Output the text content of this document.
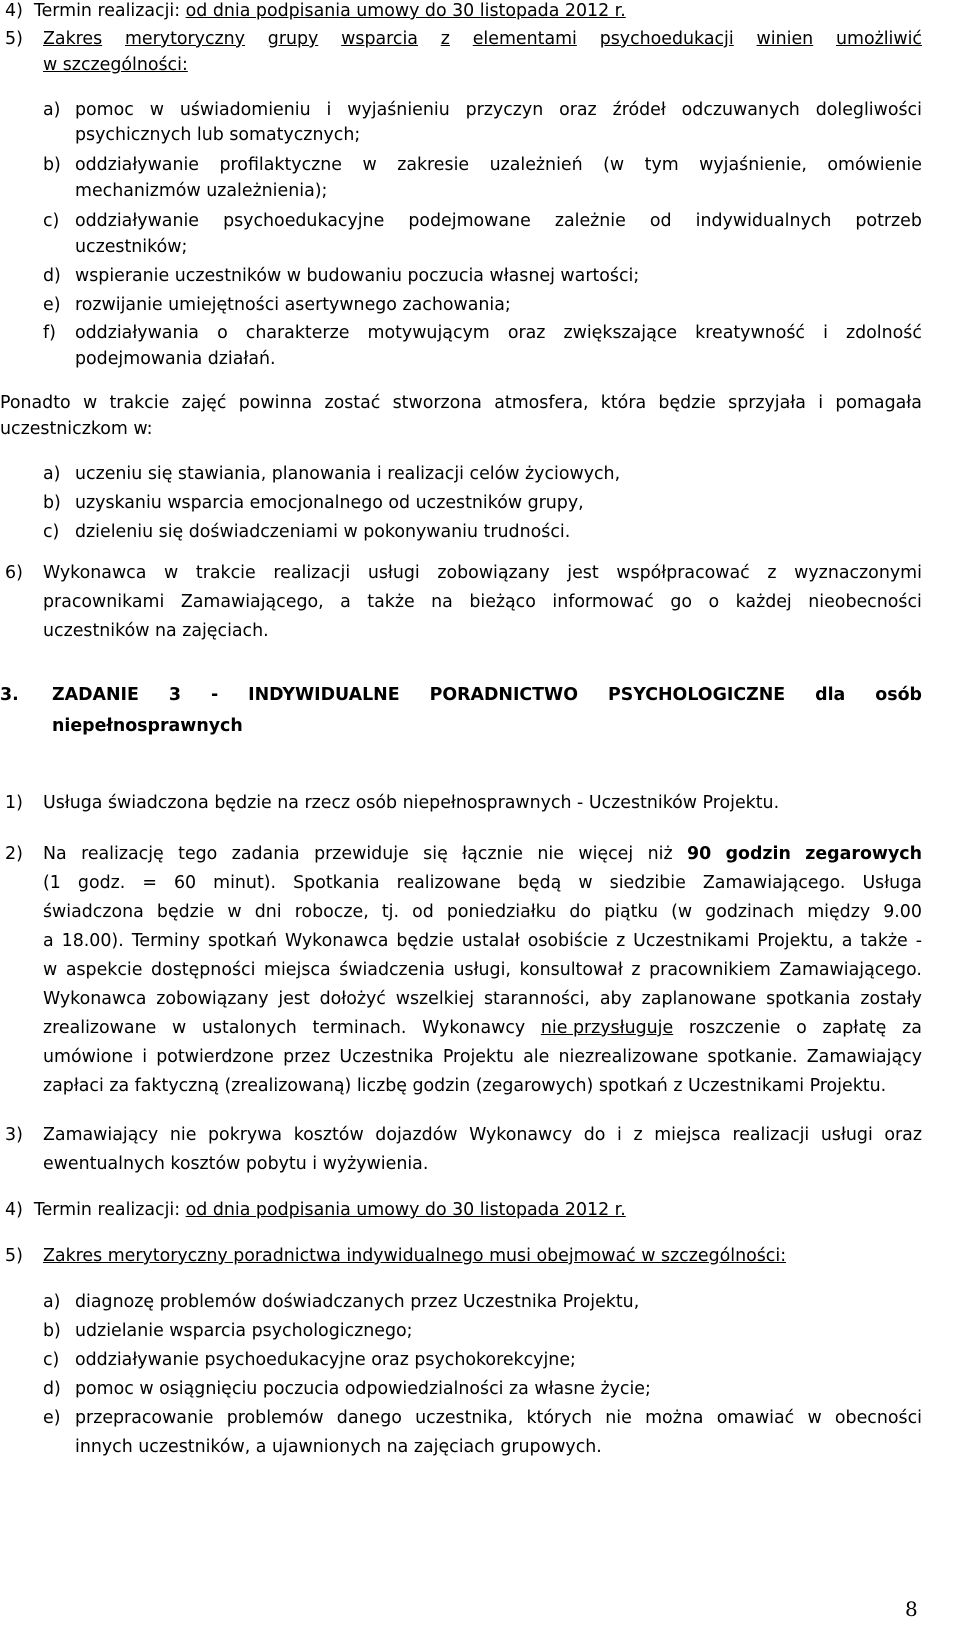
4) Termin realizacji: od dnia podpisania umowy do 30 listopada 2012 r.
5) Zakres merytoryczny grupy wsparcia z elementami psychoedukacji winien umożliwić
w szczególności:
a) pomoc w uświadomieniu i wyjaśnieniu przyczyn oraz źródeł odczuwanych dolegliwości
psychicznych lub somatycznych;
b) oddziaływanie profilaktyczne w zakresie uzależnień (w tym wyjaśnienie, omówienie
mechanizmów uzależnienia);
c) oddziaływanie psychoedukacyjne podejmowane zależnie od indywidualnych potrzeb
uczestników;
d) wspieranie uczestników w budowaniu poczucia własnej wartości;
e) rozwijanie umiejętności asertywnego zachowania;
f) oddziaływania o charakterze motywującym oraz zwiększające kreatywność i zdolność
podejmowania działań.
Ponadto w trakcie zajęć powinna zostać stworzona atmosfera, która będzie sprzyjała i pomagała
uczestniczkom w:
a) uczeniu się stawiania, planowania i realizacji celów życiowych,
b) uzyskaniu wsparcia emocjonalnego od uczestników grupy,
c) dzieleniu się doświadczeniami w pokonywaniu trudności.
6) Wykonawca w trakcie realizacji usługi zobowiązany jest współpracować z wyznaczonymi
pracownikami Zamawiającego, a także na bieżąco informować go o każdej nieobecności
uczestników na zajęciach.
3. ZADANIE 3 - INDYWIDUALNE PORADNICTWO PSYCHOLOGICZNE dla osób
niepełnosprawnych
1) Usługa świadczona będzie na rzecz osób niepełnosprawnych - Uczestników Projektu.
2) Na realizację tego zadania przewiduje się łącznie nie więcej niż 90 godzin zegarowych
(1 godz. = 60 minut). Spotkania realizowane będą w siedzibie Zamawiającego. Usługa
świadczona będzie w dni robocze, tj. od poniedziałku do piątku (w godzinach między 9.00
a 18.00). Terminy spotkań Wykonawca będzie ustalał osobiście z Uczestnikami Projektu, a także -
w aspekcie dostępności miejsca świadczenia usługi, konsultował z pracownikiem Zamawiającego.
Wykonawca zobowiązany jest dołożyć wszelkiej staranności, aby zaplanowane spotkania zostały
zrealizowane w ustalonych terminach. Wykonawcy nie przysługuje roszczenie o zapłatę za
umówione i potwierdzone przez Uczestnika Projektu ale niezrealizowane spotkanie. Zamawiający
zapłaci za faktyczną (zrealizowaną) liczbę godzin (zegarowych) spotkań z Uczestnikami Projektu.
3) Zamawiający nie pokrywa kosztów dojazdów Wykonawcy do i z miejsca realizacji usługi oraz
ewentualnych kosztów pobytu i wyżywienia.
4) Termin realizacji: od dnia podpisania umowy do 30 listopada 2012 r.
5) Zakres merytoryczny poradnictwa indywidualnego musi obejmować w szczególności:
a) diagnozę problemów doświadczanych przez Uczestnika Projektu,
b) udzielanie wsparcia psychologicznego;
c) oddziaływanie psychoedukacyjne oraz psychokorekcyjne;
d) pomoc w osiągnięciu poczucia odpowiedzialności za własne życie;
e) przepracowanie problemów danego uczestnika, których nie można omawiać w obecności
innych uczestników, a ujawnionych na zajęciach grupowych.
8
